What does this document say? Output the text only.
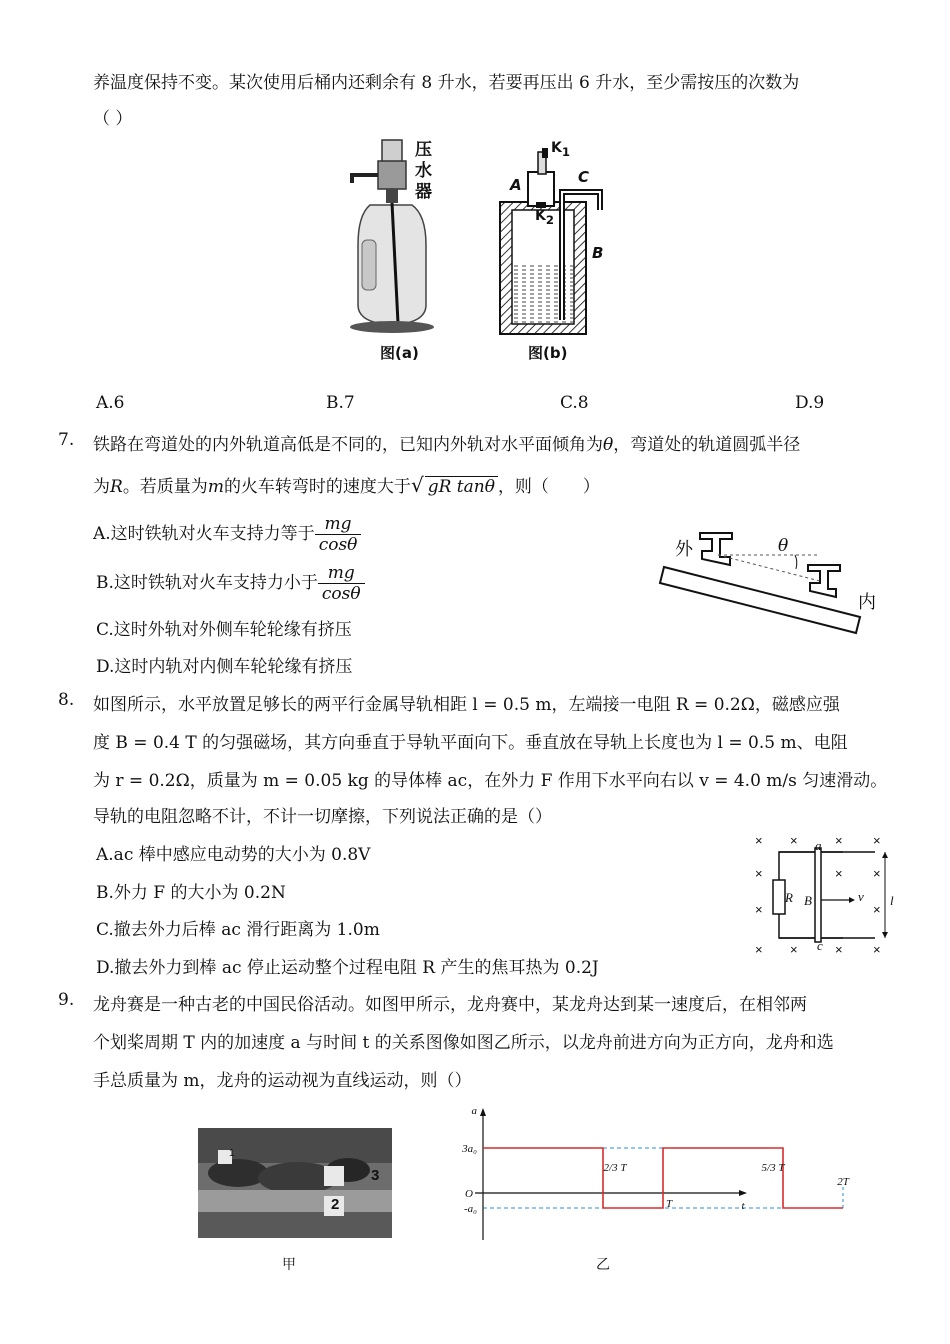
养温度保持不变。某次使用后桶内还剩余有 8 升水，若要再压出 6 升水，至少需按压的次数为
（ ）
压水器
图(a)
$K_1$
A	C
$K_2$
B
图(b)
A.6	B.7	C.8	D.9
7. 铁路在弯道处的内外轨道高低是不同的，已知内外轨对水平面倾角为θ，弯道处的轨道圆弧半径
为R。若质量为m的火车转弯时的速度大于√ gR tanθ ，则（　　）
A.这时铁轨对火车支持力等于 $\frac{mg}{\cos\theta}$
B.这时铁轨对火车支持力小于 $\frac{mg}{\cos\theta}$
C.这时外轨对外侧车轮轮缘有挤压
D.这时内轨对内侧车轮轮缘有挤压
外
内
θ
8. 如图所示，水平放置足够长的两平行金属导轨相距 l = 0.5 m，左端接一电阻 R = 0.2Ω，磁感应强
度 B = 0.4 T 的匀强磁场，其方向垂直于导轨平面向下。垂直放在导轨上长度也为 l = 0.5 m、电阻
为 r = 0.2Ω，质量为 m = 0.05 kg 的导体棒 ac，在外力 F 作用下水平向右以 v = 4.0 m/s 匀速滑动。
导轨的电阻忽略不计，不计一切摩擦，下列说法正确的是（）
A.ac 棒中感应电动势的大小为 0.8V
B.外力 F 的大小为 0.2N
C.撤去外力后棒 ac 滑行距离为 1.0m
D.撤去外力到棒 ac 停止运动整个过程电阻 R 产生的焦耳热为 0.2J
× ×	× ×
×	× ×
×	×
× ×	× ×
R B	v l
a
c
9. 龙舟赛是一种古老的中国民俗活动。如图甲所示，龙舟赛中，某龙舟达到某一速度后，在相邻两
个划桨周期 T 内的加速度 a 与时间 t 的关系图像如图乙所示，以龙舟前进方向为正方向，龙舟和选
手总质量为 m，龙舟的运动视为直线运动，则（）
1
2
3
甲
a
t
O
3a₀
-a₀
2/3 T
T
5/3 T
2T
乙
